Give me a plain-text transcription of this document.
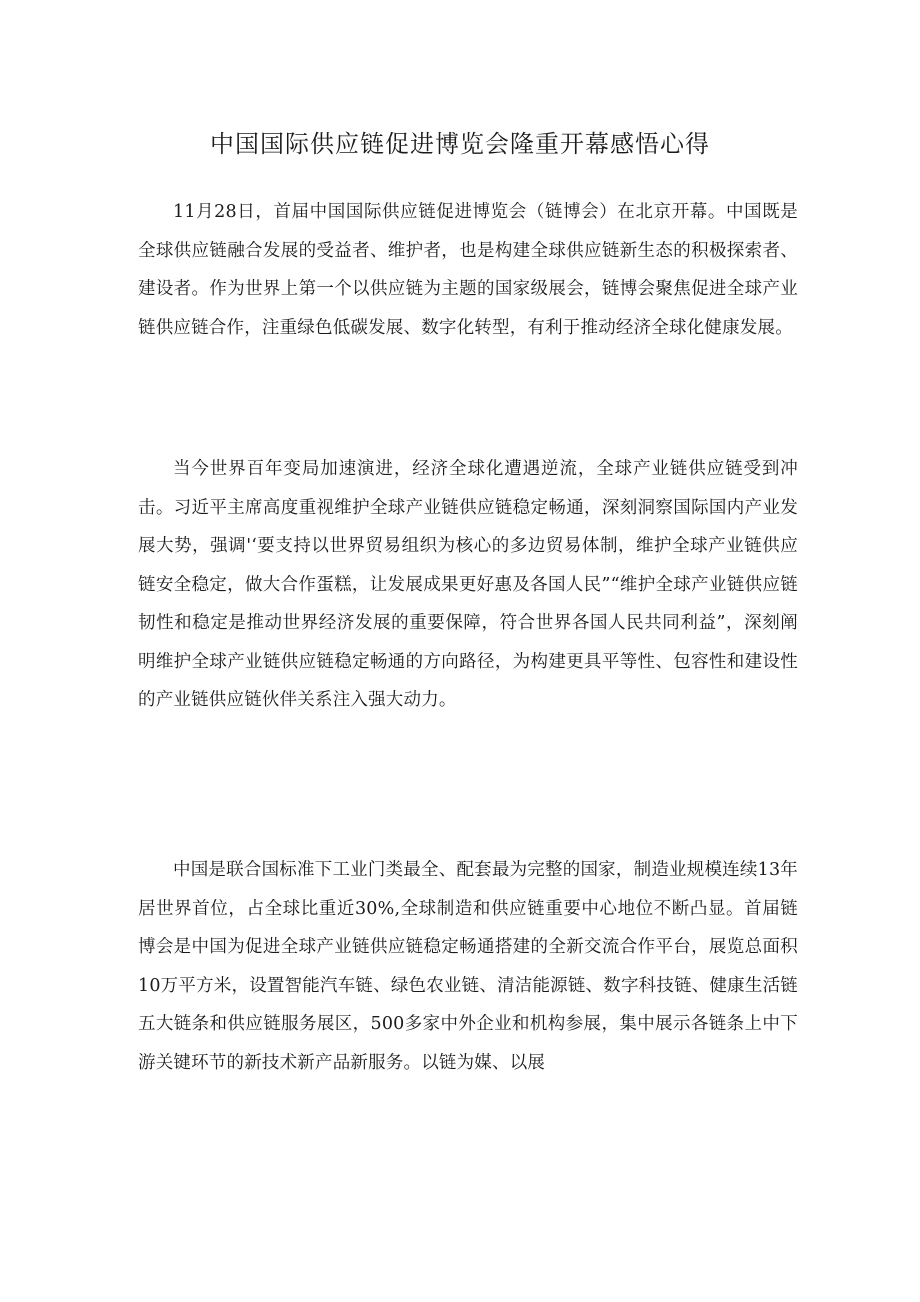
中国国际供应链促进博览会隆重开幕感悟心得

11月28日，首届中国国际供应链促进博览会（链博会）在北京开幕。中国既是全球供应链融合发展的受益者、维护者，也是构建全球供应链新生态的积极探索者、建设者。作为世界上第一个以供应链为主题的国家级展会，链博会聚焦促进全球产业链供应链合作，注重绿色低碳发展、数字化转型，有利于推动经济全球化健康发展。

当今世界百年变局加速演进，经济全球化遭遇逆流，全球产业链供应链受到冲击。习近平主席高度重视维护全球产业链供应链稳定畅通，深刻洞察国际国内产业发展大势，强调'‘要支持以世界贸易组织为核心的多边贸易体制，维护全球产业链供应链安全稳定，做大合作蛋糕，让发展成果更好惠及各国人民”“维护全球产业链供应链韧性和稳定是推动世界经济发展的重要保障，符合世界各国人民共同利益”，深刻阐明维护全球产业链供应链稳定畅通的方向路径，为构建更具平等性、包容性和建设性的产业链供应链伙伴关系注入强大动力。

中国是联合国标准下工业门类最全、配套最为完整的国家，制造业规模连续13年居世界首位，占全球比重近30%,全球制造和供应链重要中心地位不断凸显。首届链博会是中国为促进全球产业链供应链稳定畅通搭建的全新交流合作平台，展览总面积10万平方米，设置智能汽车链、绿色农业链、清洁能源链、数字科技链、健康生活链五大链条和供应链服务展区，500多家中外企业和机构参展，集中展示各链条上中下游关键环节的新技术新产品新服务。以链为媒、以展
